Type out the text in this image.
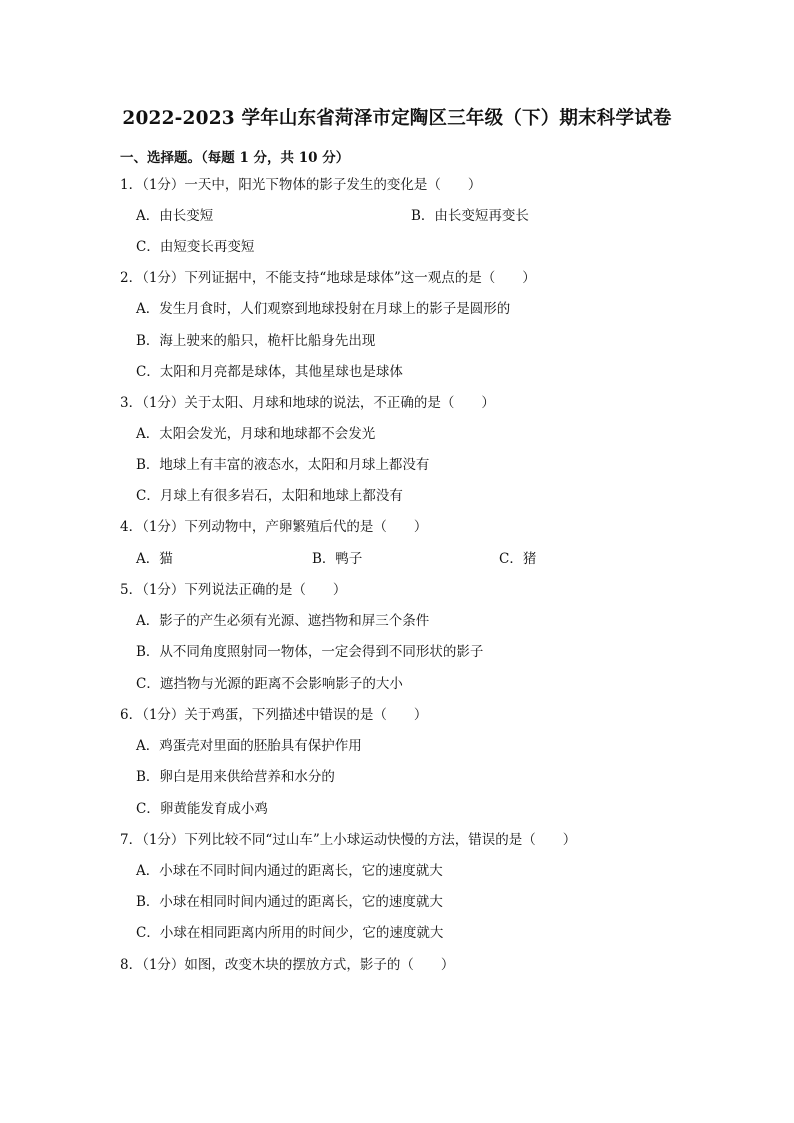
2022-2023 学年山东省菏泽市定陶区三年级（下）期末科学试卷
一、选择题。（每题 1 分，共 10 分）
1．（1分）一天中，阳光下物体的影子发生的变化是（　　）
A．由长变短	B．由长变短再变长
C．由短变长再变短
2．（1分）下列证据中，不能支持“地球是球体”这一观点的是（　　）
A．发生月食时，人们观察到地球投射在月球上的影子是圆形的
B．海上驶来的船只，桅杆比船身先出现
C．太阳和月亮都是球体，其他星球也是球体
3．（1分）关于太阳、月球和地球的说法，不正确的是（　　）
A．太阳会发光，月球和地球都不会发光
B．地球上有丰富的液态水，太阳和月球上都没有
C．月球上有很多岩石，太阳和地球上都没有
4．（1分）下列动物中，产卵繁殖后代的是（　　）
A．猫	B．鸭子	C．猪
5．（1分）下列说法正确的是（　　）
A．影子的产生必须有光源、遮挡物和屏三个条件
B．从不同角度照射同一物体，一定会得到不同形状的影子
C．遮挡物与光源的距离不会影响影子的大小
6．（1分）关于鸡蛋，下列描述中错误的是（　　）
A．鸡蛋壳对里面的胚胎具有保护作用
B．卵白是用来供给营养和水分的
C．卵黄能发育成小鸡
7．（1分）下列比较不同“过山车”上小球运动快慢的方法，错误的是（　　）
A．小球在不同时间内通过的距离长，它的速度就大
B．小球在相同时间内通过的距离长，它的速度就大
C．小球在相同距离内所用的时间少，它的速度就大
8．（1分）如图，改变木块的摆放方式，影子的（　　）
